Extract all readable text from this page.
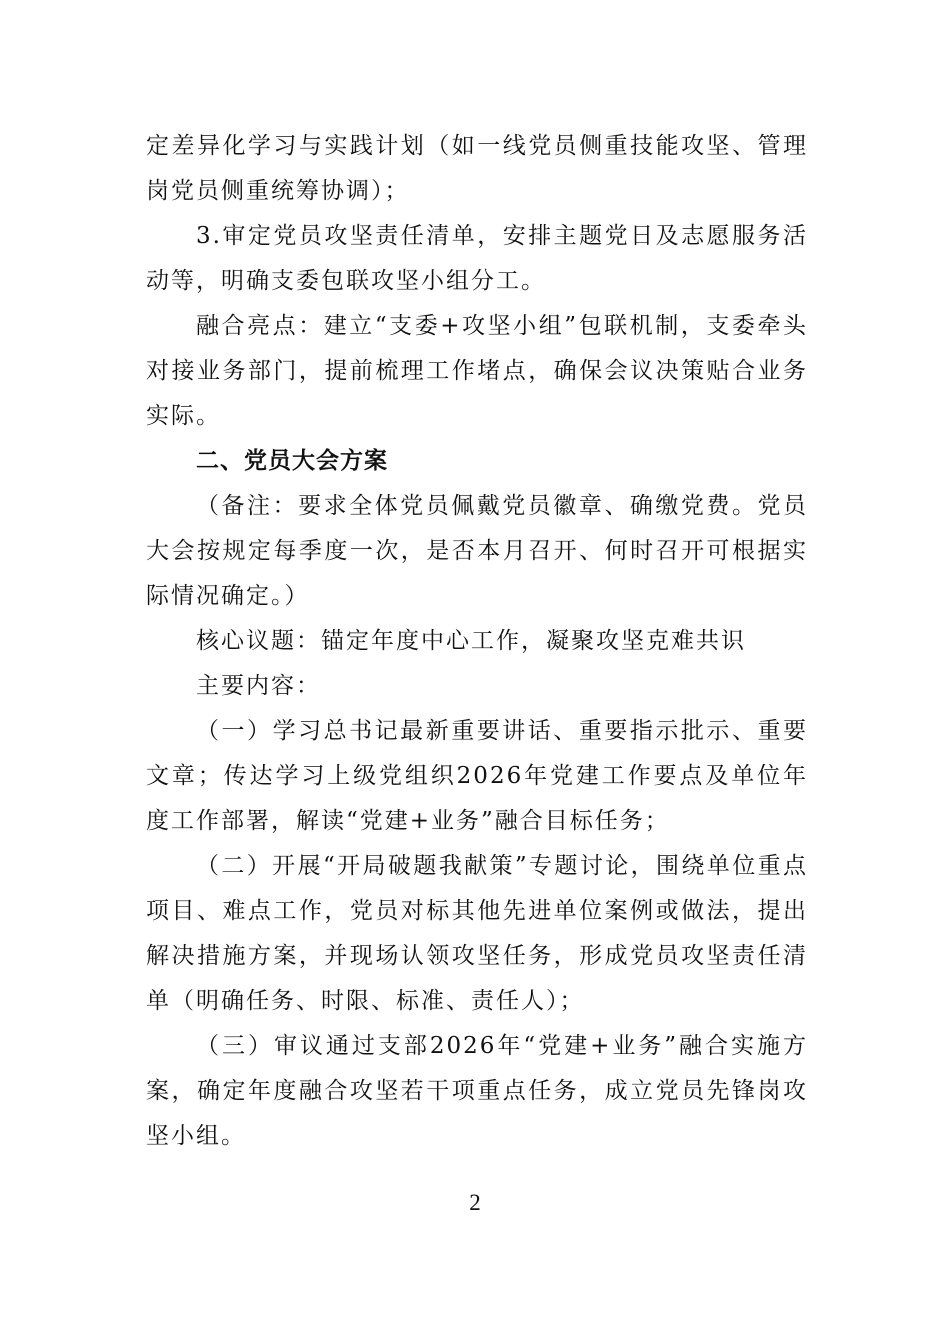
定差异化学习与实践计划（如一线党员侧重技能攻坚、管理岗党员侧重统筹协调）；

3.审定党员攻坚责任清单，安排主题党日及志愿服务活动等，明确支委包联攻坚小组分工。

融合亮点：建立“支委+攻坚小组”包联机制，支委牵头对接业务部门，提前梳理工作堵点，确保会议决策贴合业务实际。

二、党员大会方案

（备注：要求全体党员佩戴党员徽章、确缴党费。党员大会按规定每季度一次，是否本月召开、何时召开可根据实际情况确定。）

核心议题：锚定年度中心工作，凝聚攻坚克难共识

主要内容：

（一）学习总书记最新重要讲话、重要指示批示、重要文章；传达学习上级党组织2026年党建工作要点及单位年度工作部署，解读“党建+业务”融合目标任务；

（二）开展“开局破题我献策”专题讨论，围绕单位重点项目、难点工作，党员对标其他先进单位案例或做法，提出解决措施方案，并现场认领攻坚任务，形成党员攻坚责任清单（明确任务、时限、标准、责任人）；

（三）审议通过支部2026年“党建+业务”融合实施方案，确定年度融合攻坚若干项重点任务，成立党员先锋岗攻坚小组。

2
